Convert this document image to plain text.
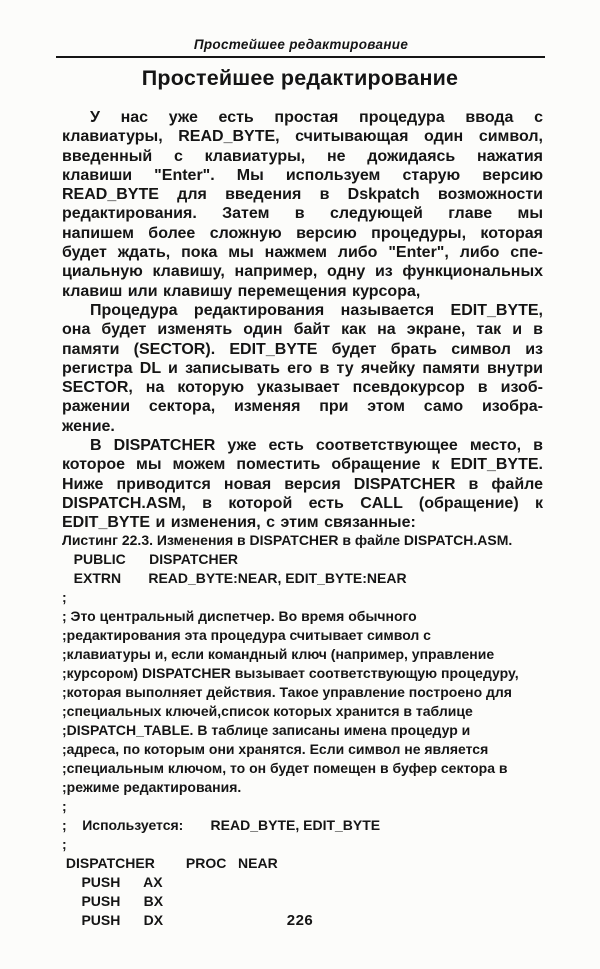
Простейшее редактирование
Простейшее редактирование
У нас уже есть простая процедура ввода с
клавиатуры, READ_BYTE, считывающая один символ,
введенный с клавиатуры, не дожидаясь нажатия
клавиши "Enter". Мы используем старую версию
READ_BYTE для введения в Dskpatch возможности
редактирования. Затем в следующей главе мы
напишем более сложную версию процедуры, которая
будет ждать, пока мы нажмем либо "Enter", либо спе-
циальную клавишу, например, одну из функциональных
клавиш или клавишу перемещения курсора,
Процедура редактирования называется EDIT_BYTE,
она будет изменять один байт как на экране, так и в
памяти (SECTOR). EDIT_BYTE будет брать символ из
регистра DL и записывать его в ту ячейку памяти внутри
SECTOR, на которую указывает псевдокурсор в изоб-
ражении сектора, изменяя при этом само изобра-
жение.
В DISPATCHER уже есть соответствующее место, в
которое мы можем поместить обращение к EDIT_BYTE.
Ниже приводится новая версия DISPATCHER в файле
DISPATCH.ASM, в которой есть CALL (обращение) к
EDIT_BYTE и изменения, с этим связанные:
Листинг 22.3. Изменения в DISPATCHER в файле DISPATCH.ASM.
PUBLIC      DISPATCHER
EXTRN       READ_BYTE:NEAR, EDIT_BYTE:NEAR
;
; Это центральный диспетчер. Во время обычного
;редактирования эта процедура считывает символ с
;клавиатуры и, если командный ключ (например, управление
;курсором) DISPATCHER вызывает соответствующую процедуру,
;которая выполняет действия. Такое управление построено для
;специальных ключей,список которых хранится в таблице
;DISPATCH_TABLE. В таблице записаны имена процедур и
;адреса, по которым они хранятся. Если символ не является
;специальным ключом, то он будет помещен в буфер сектора в
;режиме редактирования.
;
;    Используется:       READ_BYTE, EDIT_BYTE
;
DISPATCHER        PROC   NEAR
PUSH      AX
PUSH      BX
PUSH      DX	226
